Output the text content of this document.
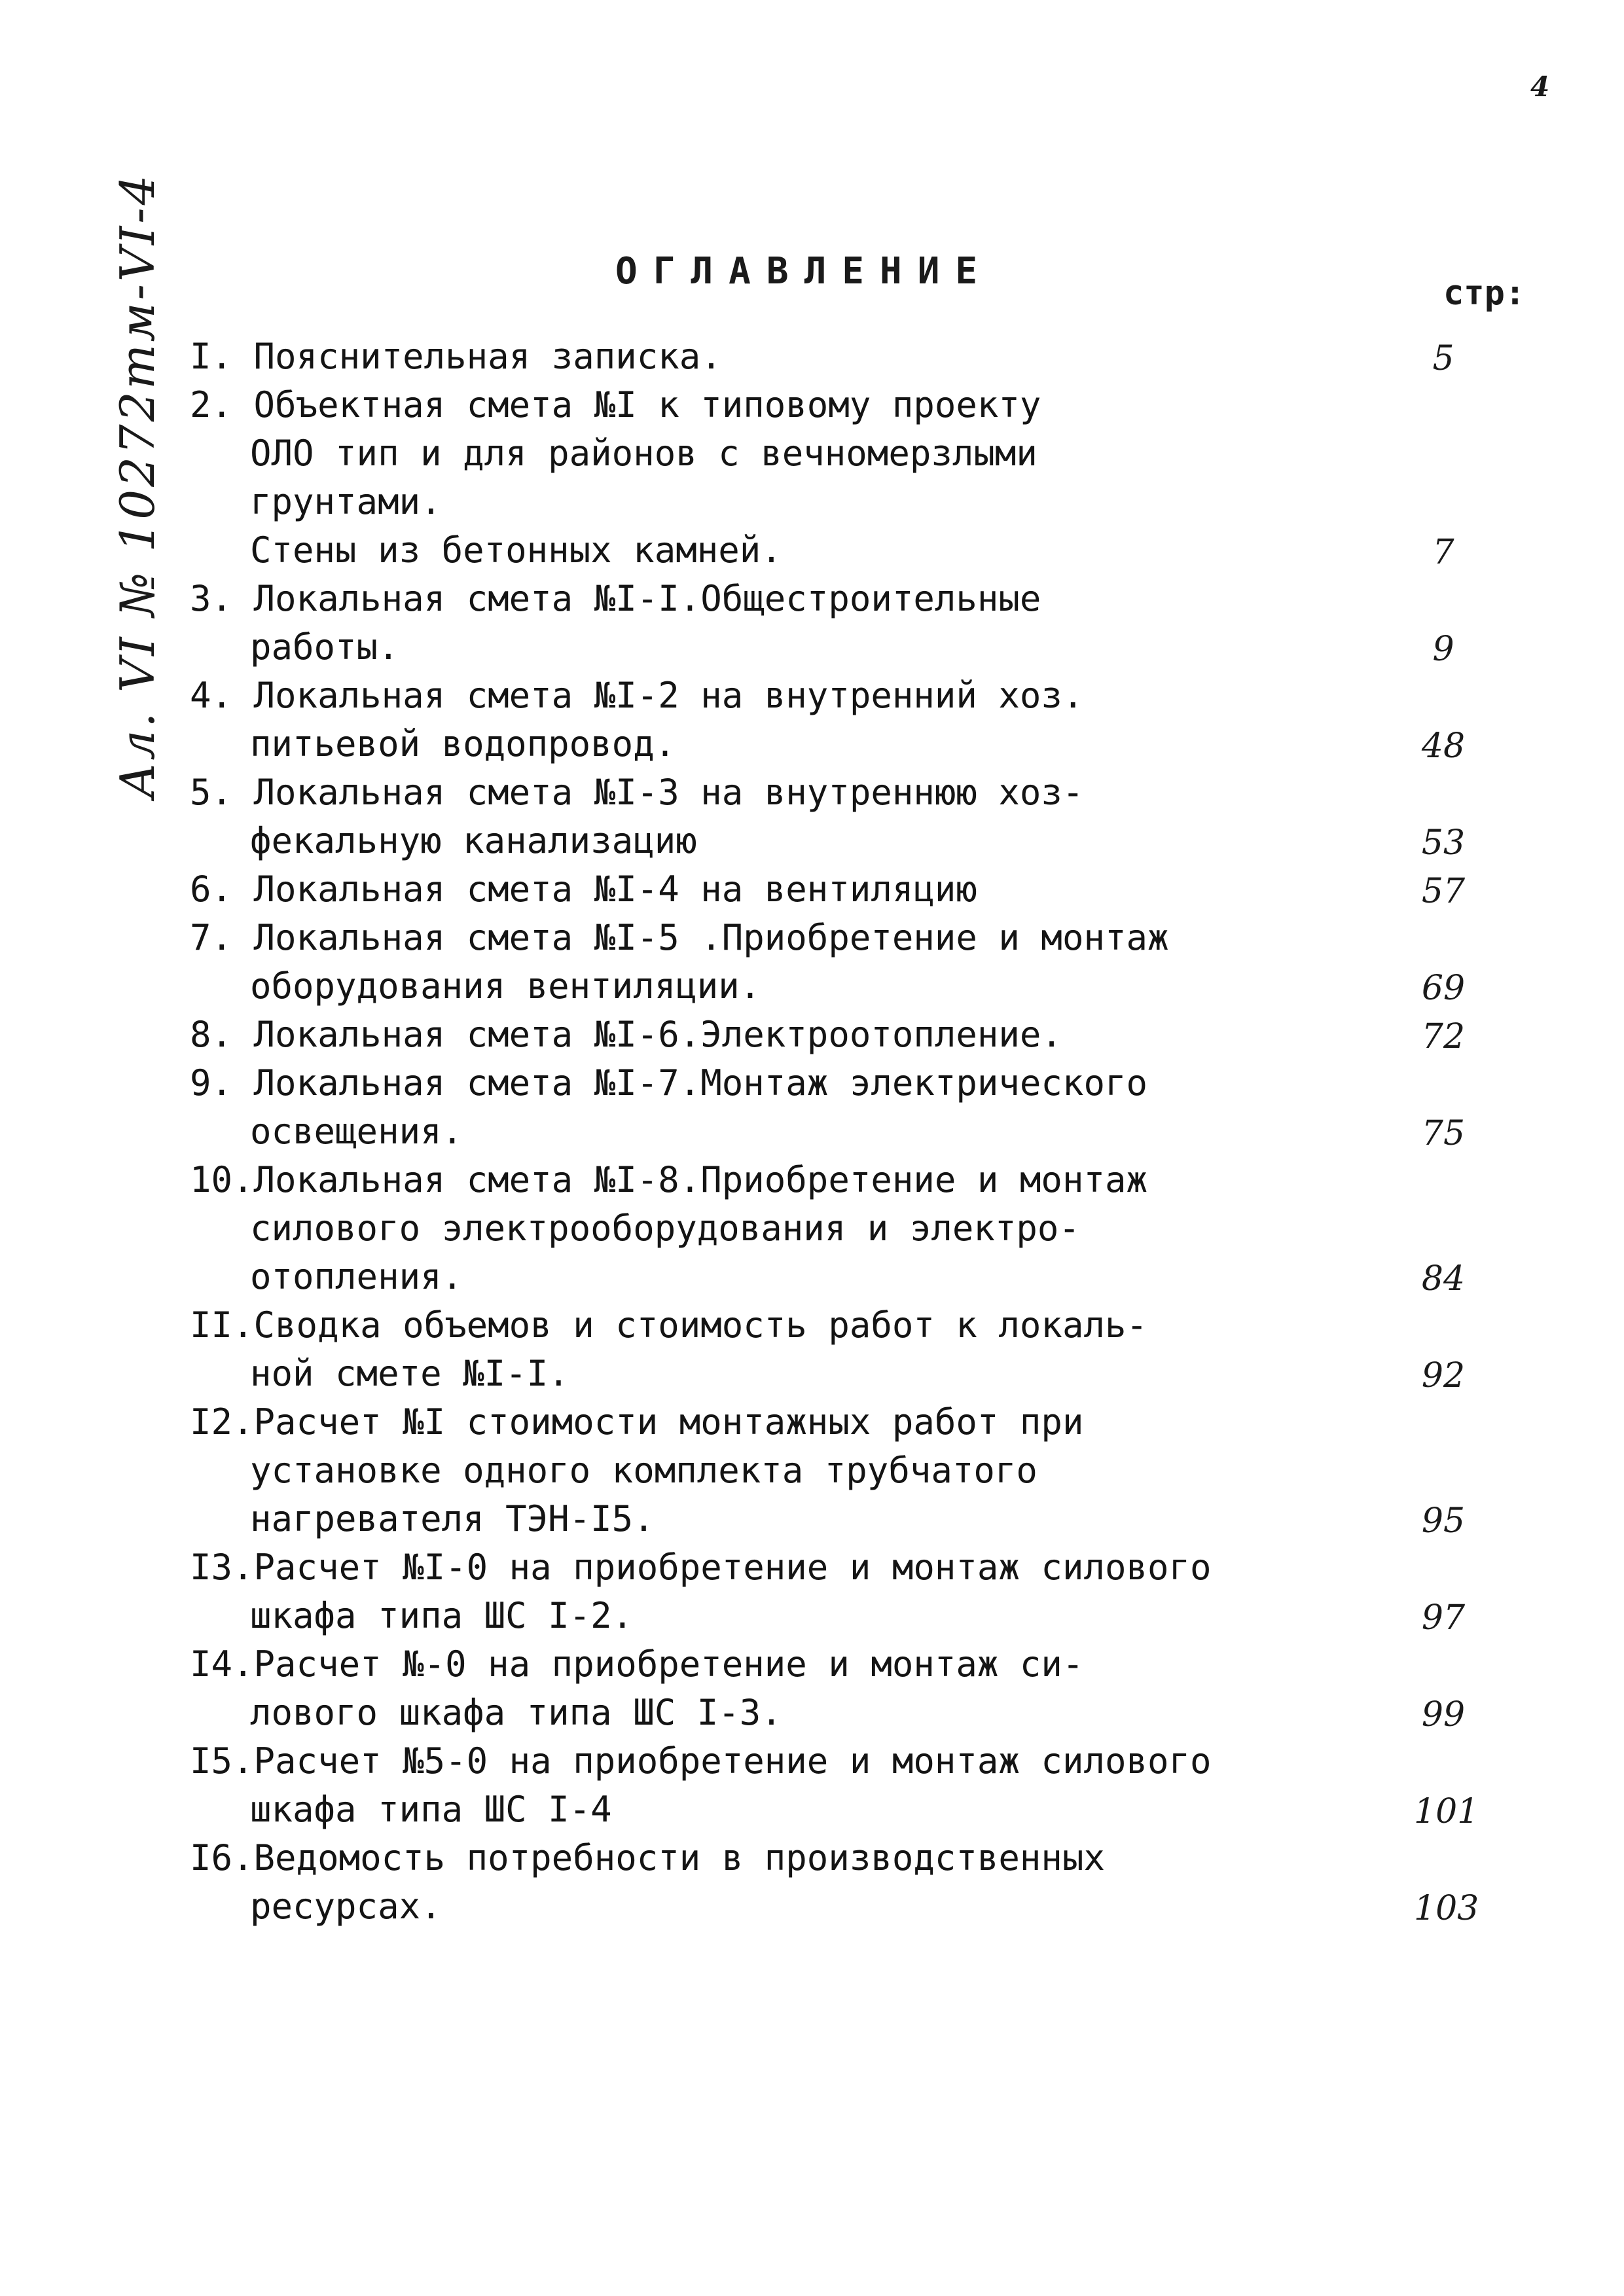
4
Ал. VI № 10272тм-VI-4	ОГЛАВЛЕНИЕ
стр:
I. Пояснительная записка.	5
2. Объектная смета №I к типовому проекту
ОЛО тип и для районов с вечномерзлыми
грунтами.
Стены из бетонных камней.	7
3. Локальная смета №I-I.Общестроительные
работы.	9
4. Локальная смета №I-2 на внутренний хоз.
питьевой водопровод.	48
5. Локальная смета №I-3 на внутреннюю хоз-
фекальную канализацию	53
6. Локальная смета №I-4 на вентиляцию	57
7. Локальная смета №I-5 .Приобретение и монтаж
оборудования вентиляции.	69
8. Локальная смета №I-6.Электроотопление.	72
9. Локальная смета №I-7.Монтаж электрического
освещения.	75
10.Локальная смета №I-8.Приобретение и монтаж
силового электрооборудования и электро-
отопления.	84
II.Сводка объемов и стоимость работ к локаль-
ной смете №I-I.	92
I2.Расчет №I стоимости монтажных работ при
установке одного комплекта трубчатого
нагревателя ТЭН-I5.	95
I3.Расчет №I-0 на приобретение и монтаж силового
шкафа типа ШС I-2.	97
I4.Расчет №-0 на приобретение и монтаж си-
лового шкафа типа ШС I-3.	99
I5.Расчет №5-0 на приобретение и монтаж силового
шкафа типа ШС I-4	101
I6.Ведомость потребности в производственных
ресурсах.	103
